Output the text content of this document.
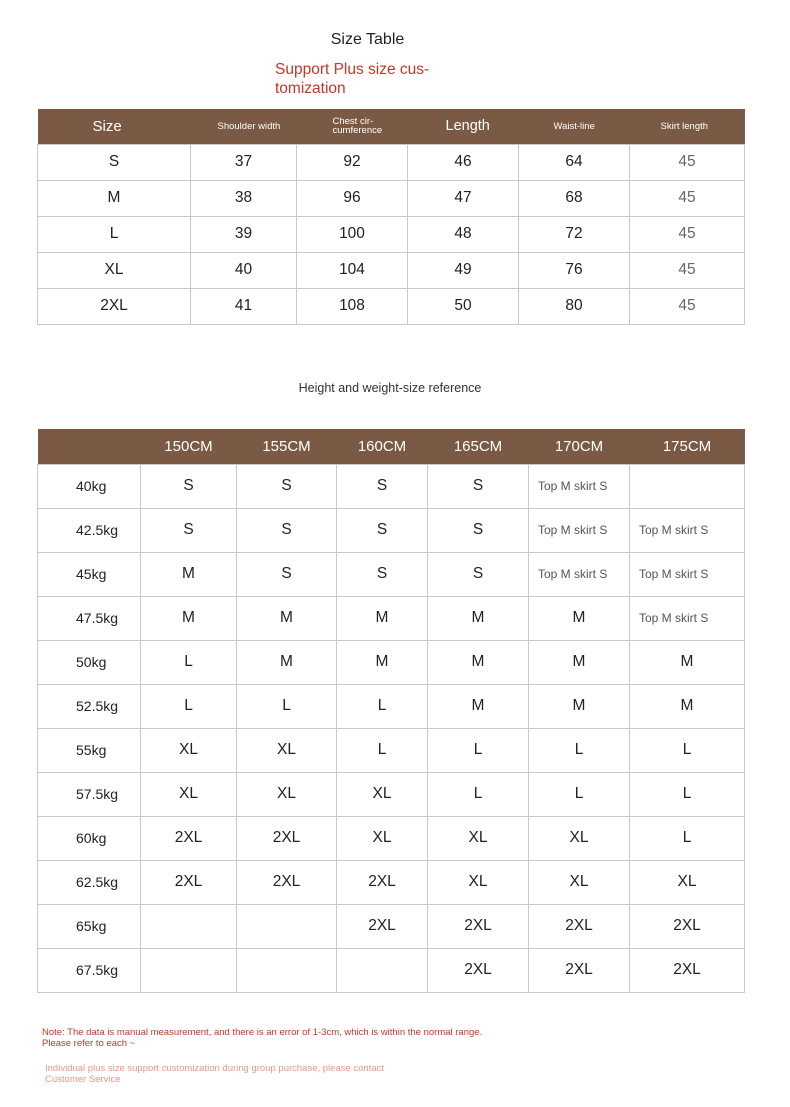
Size Table
Support Plus size cus-tomization
Size	Shoulder width	Chest cir-cumference	Length	Waist-line	Skirt length
S	37	92	46	64	45
M	38	96	47	68	45
L	39	100	48	72	45
XL	40	104	49	76	45
2XL	41	108	50	80	45
Height and weight-size reference
	150CM	155CM	160CM	165CM	170CM	175CM
40kg	S	S	S	S	Top M skirt S	
42.5kg	S	S	S	S	Top M skirt S	Top M skirt S
45kg	M	S	S	S	Top M skirt S	Top M skirt S
47.5kg	M	M	M	M	M	Top M skirt S
50kg	L	M	M	M	M	M
52.5kg	L	L	L	M	M	M
55kg	XL	XL	L	L	L	L
57.5kg	XL	XL	XL	L	L	L
60kg	2XL	2XL	XL	XL	XL	L
62.5kg	2XL	2XL	2XL	XL	XL	XL
65kg			2XL	2XL	2XL	2XL
67.5kg				2XL	2XL	2XL
Note: The data is manual measurement, and there is an error of 1-3cm, which is within the normal range. Please refer to each ~
Individual plus size support customization during group purchase, please contact Customer Service
